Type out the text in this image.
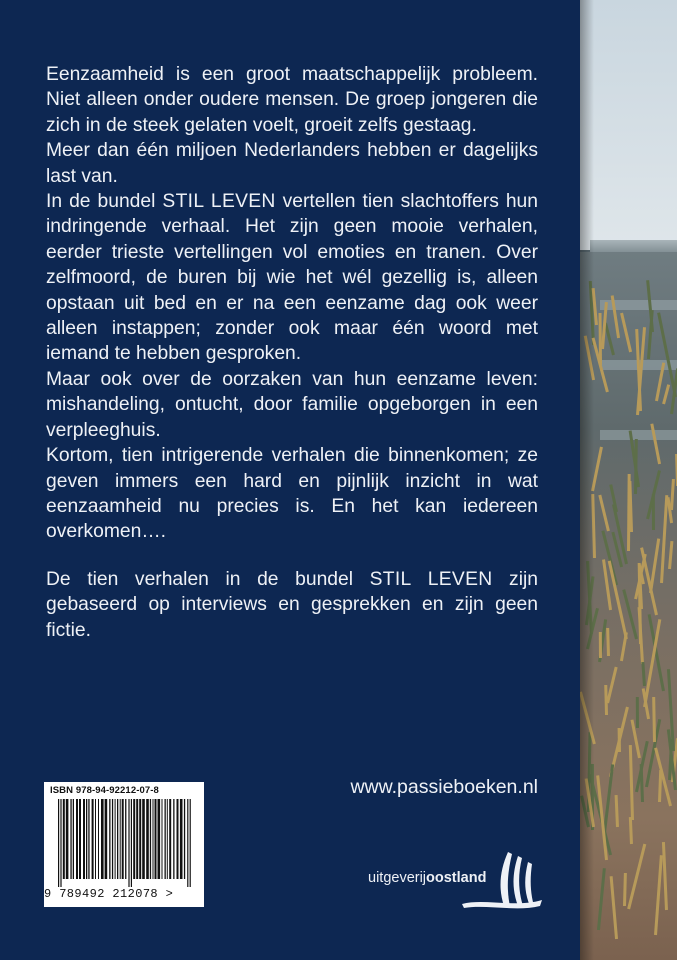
Eenzaamheid is een groot maatschappelijk probleem. Niet alleen onder oudere mensen. De groep jongeren die zich in de steek gelaten voelt, groeit zelfs gestaag.

Meer dan één miljoen Nederlanders hebben er dagelijks last van.

In de bundel STIL LEVEN vertellen tien slachtoffers hun indringende verhaal. Het zijn geen mooie verhalen, eerder trieste vertellingen vol emoties en tranen. Over zelfmoord, de buren bij wie het wél gezellig is, alleen opstaan uit bed en er na een eenzame dag ook weer alleen instappen; zonder ook maar één woord met iemand te hebben gesproken.

Maar ook over de oorzaken van hun eenzame leven: mishandeling, ontucht, door familie opgeborgen in een verpleeghuis.

Kortom, tien intrigerende verhalen die binnenkomen; ze geven immers een hard en pijnlijk inzicht in wat eenzaamheid nu precies is. En het kan iedereen overkomen….

De tien verhalen in de bundel STIL LEVEN zijn gebaseerd op interviews en gesprekken en zijn geen fictie.

www.passieboeken.nl
ISBN 978-94-92212-07-8
9 789492 212078 >
uitgeverijoostland
